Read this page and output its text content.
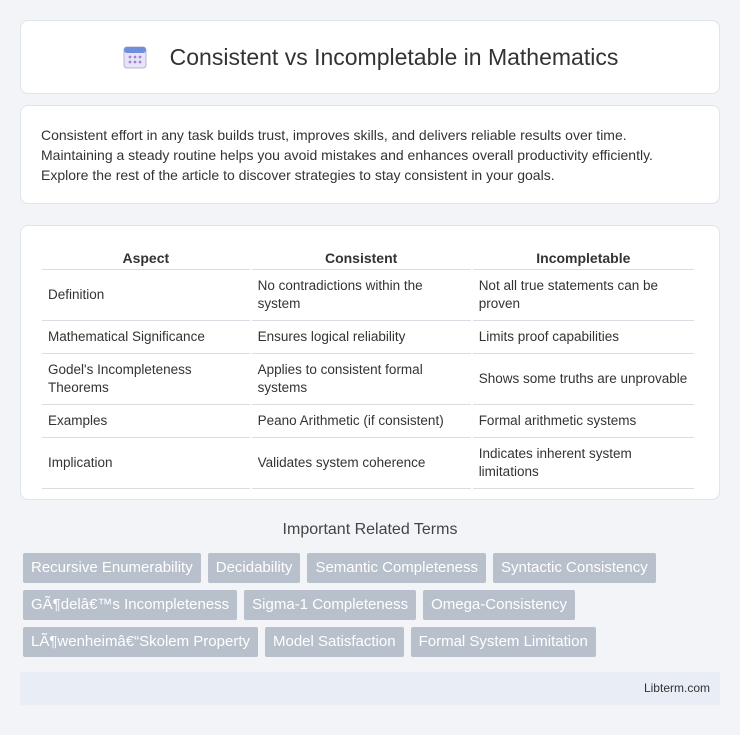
Consistent vs Incompletable in Mathematics

Consistent effort in any task builds trust, improves skills, and delivers reliable results over time. Maintaining a steady routine helps you avoid mistakes and enhances overall productivity efficiently. Explore the rest of the article to discover strategies to stay consistent in your goals.

Aspect	Consistent	Incompletable
Definition	No contradictions within the system	Not all true statements can be proven
Mathematical Significance	Ensures logical reliability	Limits proof capabilities
Godel's Incompleteness Theorems	Applies to consistent formal systems	Shows some truths are unprovable
Examples	Peano Arithmetic (if consistent)	Formal arithmetic systems
Implication	Validates system coherence	Indicates inherent system limitations
Important Related Terms
Recursive Enumerability	Decidability	Semantic Completeness	Syntactic Consistency
GÃ¶delâ€™s Incompleteness	Sigma-1 Completeness	Omega-Consistency
LÃ¶wenheimâ€“Skolem Property	Model Satisfaction	Formal System Limitation
Libterm.com
